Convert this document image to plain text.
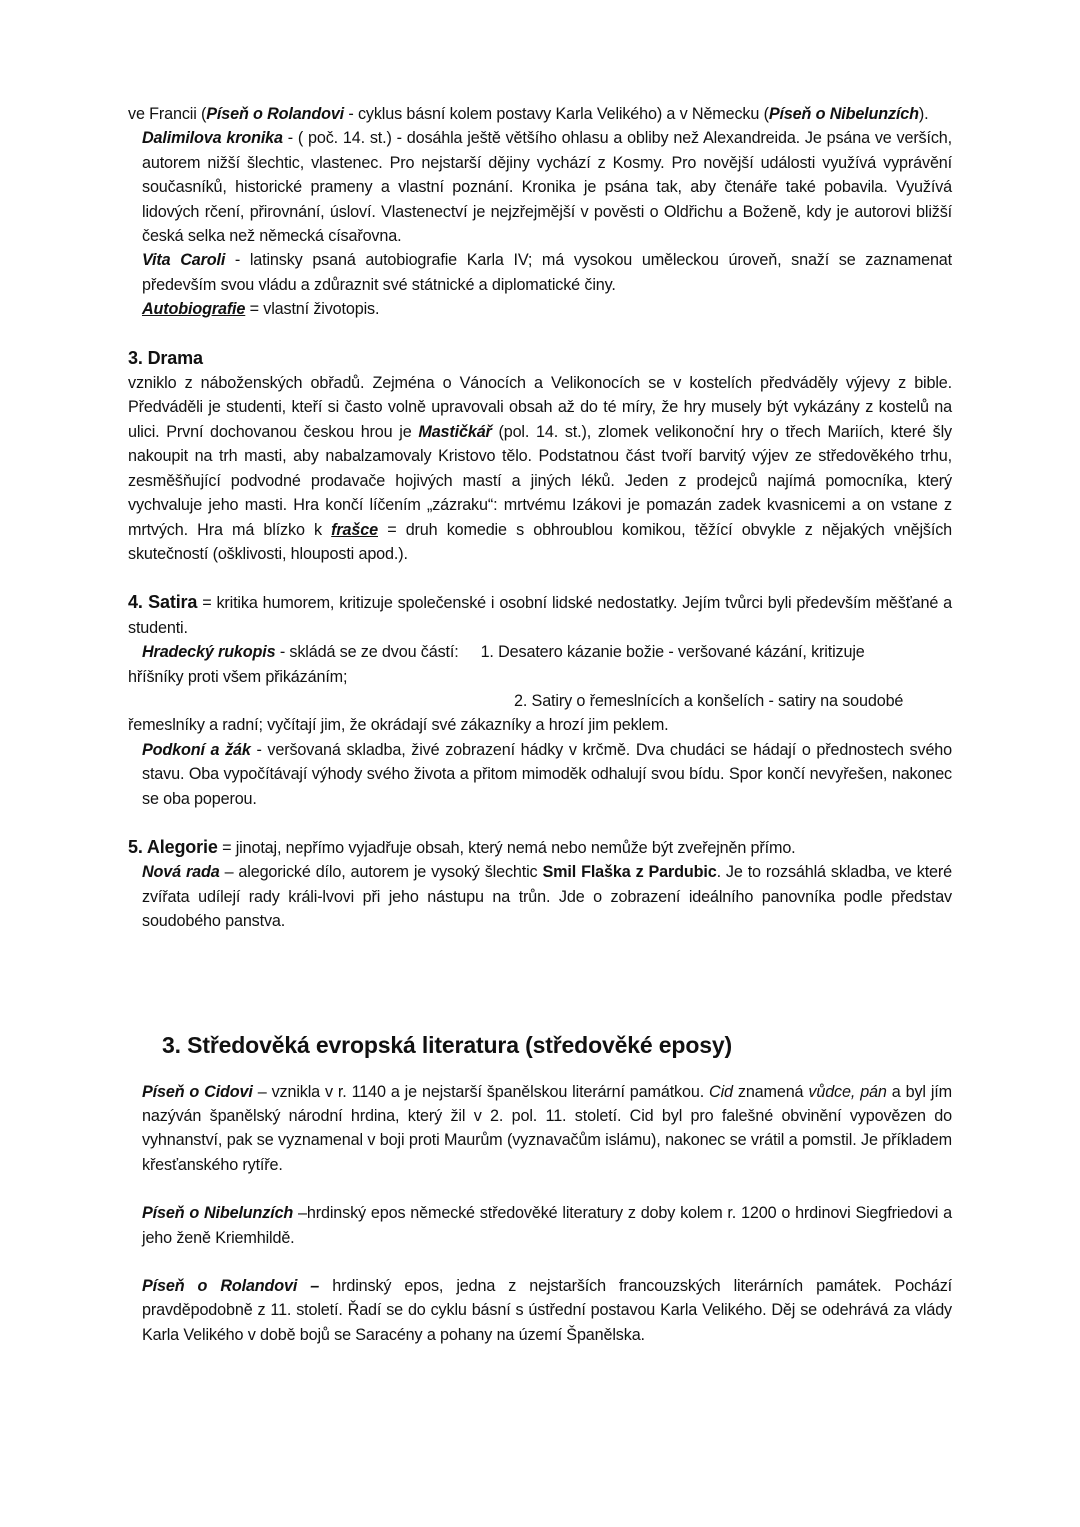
ve Francii (Píseň o Rolandovi - cyklus básní kolem postavy Karla Velikého) a v Německu (Píseň o Nibelunzích).

Dalimilova kronika - ( poč. 14. st.) - dosáhla ještě většího ohlasu a obliby než Alexandreida. Je psána ve verších, autorem nižší šlechtic, vlastenec. Pro nejstarší dějiny vychází z Kosmy. Pro novější události využívá vyprávění současníků, historické prameny a vlastní poznání. Kronika je psána tak, aby čtenáře také pobavila. Využívá lidových rčení, přirovnání, úsloví. Vlastenectví je nejzřejmější v pověsti o Oldřichu a Boženě, kdy je autorovi bližší česká selka než německá císařovna.

Vita Caroli - latinsky psaná autobiografie Karla IV; má vysokou uměleckou úroveň, snaží se zaznamenat především svou vládu a zdůraznit své státnické a diplomatické činy.

Autobiografie = vlastní životopis.

3. Drama

vzniklo z náboženských obřadů. Zejména o Vánocích a Velikonocích se v kostelích předváděly výjevy z bible. Předváděli je studenti, kteří si často volně upravovali obsah až do té míry, že hry musely být vykázány z kostelů na ulici. První dochovanou českou hrou je Mastičkář (pol. 14. st.), zlomek velikonoční hry o třech Mariích, které šly nakoupit na trh masti, aby nabalzamovaly Kristovo tělo. Podstatnou část tvoří barvitý výjev ze středověkého trhu, zesměšňující podvodné prodavače hojivých mastí a jiných léků. Jeden z prodejců najímá pomocníka, který vychvaluje jeho masti. Hra končí líčením „zázraku“: mrtvému Izákovi je pomazán zadek kvasnicemi a on vstane z mrtvých. Hra má blízko k frašce = druh komedie s obhroublou komikou, těžící obvykle z nějakých vnějších skutečností (ošklivosti, hlouposti apod.).

4. Satira = kritika humorem, kritizuje společenské i osobní lidské nedostatky. Jejím tvůrci byli především měšťané a studenti.

Hradecký rukopis - skládá se ze dvou částí: 1. Desatero kázanie božie - veršované kázání, kritizuje

hříšníky proti všem přikázáním;

2. Satiry o řemeslnících a konšelích - satiry na soudobé

řemeslníky a radní; vyčítají jim, že okrádají své zákazníky a hrozí jim peklem.

Podkoní a žák - veršovaná skladba, živé zobrazení hádky v krčmě. Dva chudáci se hádají o přednostech svého stavu. Oba vypočítávají výhody svého života a přitom mimoděk odhalují svou bídu. Spor končí nevyřešen, nakonec se oba poperou.

5. Alegorie = jinotaj, nepřímo vyjadřuje obsah, který nemá nebo nemůže být zveřejněn přímo.

Nová rada – alegorické dílo, autorem je vysoký šlechtic Smil Flaška z Pardubic. Je to rozsáhlá skladba, ve které zvířata udílejí rady králi-lvovi při jeho nástupu na trůn. Jde o zobrazení ideálního panovníka podle představ soudobého panstva.

3. Středověká evropská literatura (středověké eposy)

Píseň o Cidovi – vznikla v r. 1140 a je nejstarší španělskou literární památkou. Cid znamená vůdce, pán a byl jím nazýván španělský národní hrdina, který žil v 2. pol. 11. století. Cid byl pro falešné obvinění vypovězen do vyhnanství, pak se vyznamenal v boji proti Maurům (vyznavačům islámu), nakonec se vrátil a pomstil. Je příkladem křesťanského rytíře.

Píseň o Nibelunzích –hrdinský epos německé středověké literatury z doby kolem r. 1200 o hrdinovi Siegfriedovi a jeho ženě Kriemhildě.

Píseň o Rolandovi – hrdinský epos, jedna z nejstarších francouzských literárních památek. Pochází pravděpodobně z 11. století. Řadí se do cyklu básní s ústřední postavou Karla Velikého. Děj se odehrává za vlády Karla Velikého v době bojů se Saracény a pohany na území Španělska.
